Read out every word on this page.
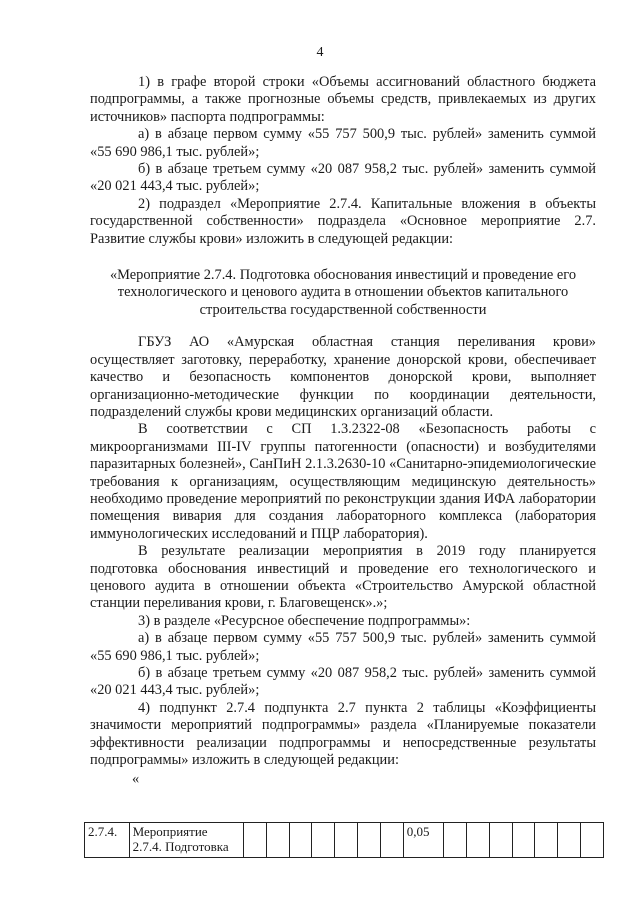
4

1) в графе второй строки «Объемы ассигнований областного бюджета подпрограммы, а также прогнозные объемы средств, привлекаемых из других источников» паспорта подпрограммы:

а) в абзаце первом сумму «55 757 500,9 тыс. рублей» заменить суммой «55 690 986,1 тыс. рублей»;

б) в абзаце третьем сумму «20 087 958,2 тыс. рублей» заменить суммой «20 021 443,4 тыс. рублей»;

2) подраздел «Мероприятие 2.7.4. Капитальные вложения в объекты государственной собственности» подраздела «Основное мероприятие 2.7. Развитие службы крови» изложить в следующей редакции:

«Мероприятие 2.7.4. Подготовка обоснования инвестиций и проведение его технологического и ценового аудита в отношении объектов капитального строительства государственной собственности

ГБУЗ АО «Амурская областная станция переливания крови» осуществляет заготовку, переработку, хранение донорской крови, обеспечивает качество и безопасность компонентов донорской крови, выполняет организационно-методические функции по координации деятельности, подразделений службы крови медицинских организаций области.

В соответствии с СП 1.3.2322-08 «Безопасность работы с микроорганизмами III-IV группы патогенности (опасности) и возбудителями паразитарных болезней», СанПиН 2.1.3.2630-10 «Санитарно-эпидемиологические требования к организациям, осуществляющим медицинскую деятельность» необходимо проведение мероприятий по реконструкции здания ИФА лаборатории помещения вивария для создания лабораторного комплекса (лаборатория иммунологических исследований и ПЦР лаборатория).

В результате реализации мероприятия в 2019 году планируется подготовка обоснования инвестиций и проведение его технологического и ценового аудита в отношении объекта «Строительство Амурской областной станции переливания крови, г. Благовещенск».»;

3) в разделе «Ресурсное обеспечение подпрограммы»:

а) в абзаце первом сумму «55 757 500,9 тыс. рублей» заменить суммой «55 690 986,1 тыс. рублей»;

б) в абзаце третьем сумму «20 087 958,2 тыс. рублей» заменить суммой «20 021 443,4 тыс. рублей»;

4) подпункт 2.7.4 подпункта 2.7 пункта 2 таблицы «Коэффициенты значимости мероприятий подпрограммы» раздела «Планируемые показатели эффективности реализации подпрограммы и непосредственные результаты подпрограммы» изложить в следующей редакции:

«

2.7.4.	Мероприятие 2.7.4. Подготовка								0,05							
